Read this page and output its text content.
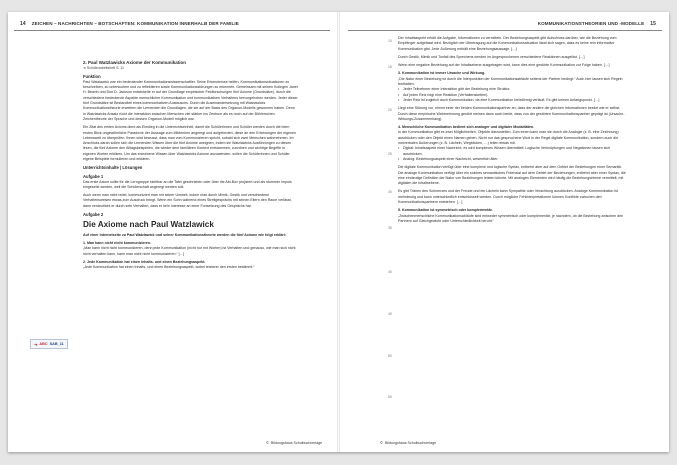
14 ZEICHEN – NACHRICHTEN – BOTSCHAFTEN: KOMMUNIKATION INNERHALB DER FAMILIE	KOMMUNIKATIONSTHEORIEN UND -MODELLE 15
2. Paul Watzlawicks Axiome der Kommunikation
➔ Schülerarbeitsheft S. 11
Funktion

Paul Watzlawick war ein bedeutender Kommunikationswissenschaftler. Seine Erkenntnisse helfen, Kommunikationssituationen zu beschreiben, zu untersuchen und zu reflektieren sowie Kommunikationsstörungen zu erkennen. Gemeinsam mit seinen Kollegen Janet H. Beavin und Don D. Jackson entwickelte er auf der Grundlage empirischer Feldforschungen fünf Axiome (Grundsätze), durch die verschiedene bedeutende Aspekte menschlicher Kommunikation und kommunikativen Verhaltens hervorgehoben werden. Jeder dieser fünf Grundsätze ist Bestandteil eines kommunikativen Austauschs. Durch die Auseinandersetzung mit Watzlawicks Kommunikationstheorie erweitern die Lernenden die Grundlagen, die sie auf der Basis des Organon-Modells gewonnen haben. Denn in Watzlawicks Ansatz rückt die Interaktion zwischen Menschen viel stärker ins Zentrum als es noch auf der Bühlerschen Zeichentheorie der Sprache und dessen Organon-Modell möglich war.

Ein Zitat des ersten Axioms dient als Einstieg in die Unterrichtseinheit, damit die Schülerinnen und Schüler werden durch die beim ersten Blick ungewöhnliche Paradoxie der Aussage zum Mitdenken angeregt und aufgefordert, diese an den Erfahrungen der eigenen Lebenswelt zu überprüfen. Ihnen wird bewusst, dass man vom Kommunizieren spricht, sobald sich zwei Menschen wahrnehmen. Im Anschluss daran sollen sich die Lernenden Wissen über die fünf Axiome aneignen, indem sie Watzlawicks Ausführungen zu diesen lesen, die fünf Axiome den Alltagsbeispielen, die wieder dem familiären Kontext entstammen, zuordnen und wichtige Begriffe in eigenen Worten erklären. Um das erworbene Wissen über Watzlawicks Axiome anzuwenden, sollen die Schülerinnen und Schüler eigene Beispiele formulieren und erklären.

Unterrichtsinhalte | Lösungen
Aufgabe 1

Das erste Axiom sollte für die Lerngruppe sichtbar an die Tafel geschrieben oder über die Abi-Box projiziert und als stummer Impuls eingesetzt werden, weil die Schülerschaft angeregt werden soll.

Auch wenn man nicht redet, kommuniziert man mit seiner Umwelt, indem man durch Mimik, Gestik und verschiedene Verhaltensweisen etwas zum Ausdruck bringt. Wenn ein Sohn während eines Streitgesprächs mit seinen Eltern den Raum verlässt, dann verdeutlicht er durch sein Verhalten, dass er kein Interesse an einer Fortsetzung des Gesprächs hat.

Aufgabe 2
Die Axiome nach Paul Watzlawick

Auf einer Internetseite zu Paul Watzlawick und seiner Kommunikationstheorie werden die fünf Axiome wie folgt erklärt:

1. Man kann nicht nicht kommunizieren.
„Man kann nicht nicht kommunizieren, denn jede Kommunikation (nicht nur mit Worten) ist Verhalten und genauso, wie man sich nicht nicht verhalten kann, kann man nicht nicht kommunizieren.“ […]
2. Jede Kommunikation hat einen Inhalts- und einen Beziehungsaspekt.
„Jede Kommunikation hat einen Inhalts- und einen Beziehungsaspekt, wobei letzterer den ersten bestimmt.“
10
15
20
25
30
35
40
45
50
55

Der Inhaltsaspekt erhält die Aufgabe, Informationen zu vermitteln. Der Beziehungsaspekt gibt Aufschluss darüber, wie die Beziehung vom Empfänger aufgefasst wird. Bezüglich der Übertragung auf die Kommunikationssituation lässt sich sagen, dass es keine rein informative Kommunikation gibt. Jede Äußerung enthält eine Beziehungsaussage. […]

Durch Gestik, Mimik und Tonfall des Sprechens werden im Angesprochenen verschiedene Reaktionen ausgelöst. […]

Wenn eine negative Beziehung auf der Inhaltsebene ausgetragen wird, kann dies eine gestörte Kommunikation zur Folge haben. […]

3. Kommunikation ist immer Ursache und Wirkung.
„Die Natur einer Beziehung ist durch die Interpunktion der Kommunikationsabläufe seitens der Partner bedingt.“ Auch hier lassen sich Regeln festhalten:
• Jeder Teilnehmer einer Interaktion gibt der Beziehung eine Struktur.
• Auf jeden Reiz folgt eine Reaktion (Verhaltensketten).
• Jeder Reiz ist zugleich auch Kommunikation, da eine Kommunikation kreisförmig verläuft. Es gibt keinen Anfangspunkt. […]

Liegt eine Störung vor, nimmt einer der beiden Kommunikationspartner an, dass der andere die gleichen Informationen besitzt wie er selbst. Durch diese empirische Wahrnehmung gestört meinen dann auch beide, dass von der gestörten Kommunikationspartner geprägt ist (Ursache-Wirkungs-Zusammenhang).

4. Menschliche Kommunikation bedient sich analoger und digitaler Modalitäten.
In der Kommunikation gibt es zwei Möglichkeiten, Objekte darzustellen. Zum einen kann man sie durch die Analogie (z. B. eine Zeichnung) ausdrücken oder den Objekt einen Namen geben. Nicht nur das gesprochene Wort in der Regel digitale Kommunikation, sondern auch die nonverbalen Äußerungen (z. B. Lächeln, Wegblicken, …) teilen etwas mit.
• Digital: Inhaltsaspekt einer Nachricht, es wird komplexes Wissen übermittelt. Logische Verknüpfungen und Negationen lassen sich ausdrücken.
• Analog: Beziehungsaspekt einer Nachricht, wesentlich älter.

Die digitale Kommunikation verfügt über eine komplexe und logische Syntax, entbehrt aber auf dem Gebiet der Beziehungen einer Semantik. Die analoge Kommunikation verfügt über ein solches semantisches Potenzial auf dem Gebiet der Beziehungen, entbehrt aber einer Syntax, die eine eindeutige Definition der Natur von Beziehungen leisten könnte. Mit analogen Elementen wird häufig die Beziehungsebene vermittelt, mit digitalen die Inhaltsebene.

Es gibt Tränen des Schmerzes und der Freude und ein Lächeln kann Sympathie oder Verachtung ausdrücken. Analoge Kommunikation ist mehrdeutig und kann unterschiedlich entschlüsselt werden. Durch mögliche Fehlinterpretationen können Konflikte zwischen den Kommunikationspartnern entstehen. […]

5. Kommunikation ist symmetrisch oder komplementär.
„Zwischenmenschliche Kommunikationsabläufe sind entweder symmetrisch oder komplementär, je nachdem, ob die Beziehung zwischen den Partnern auf Gleichgewicht oder Unterschiedlichkeit beruht.“
© Bildungshaus Schulbuchverlage	© Bildungshaus Schulbuchverlage
➔ ABC SAB_11
